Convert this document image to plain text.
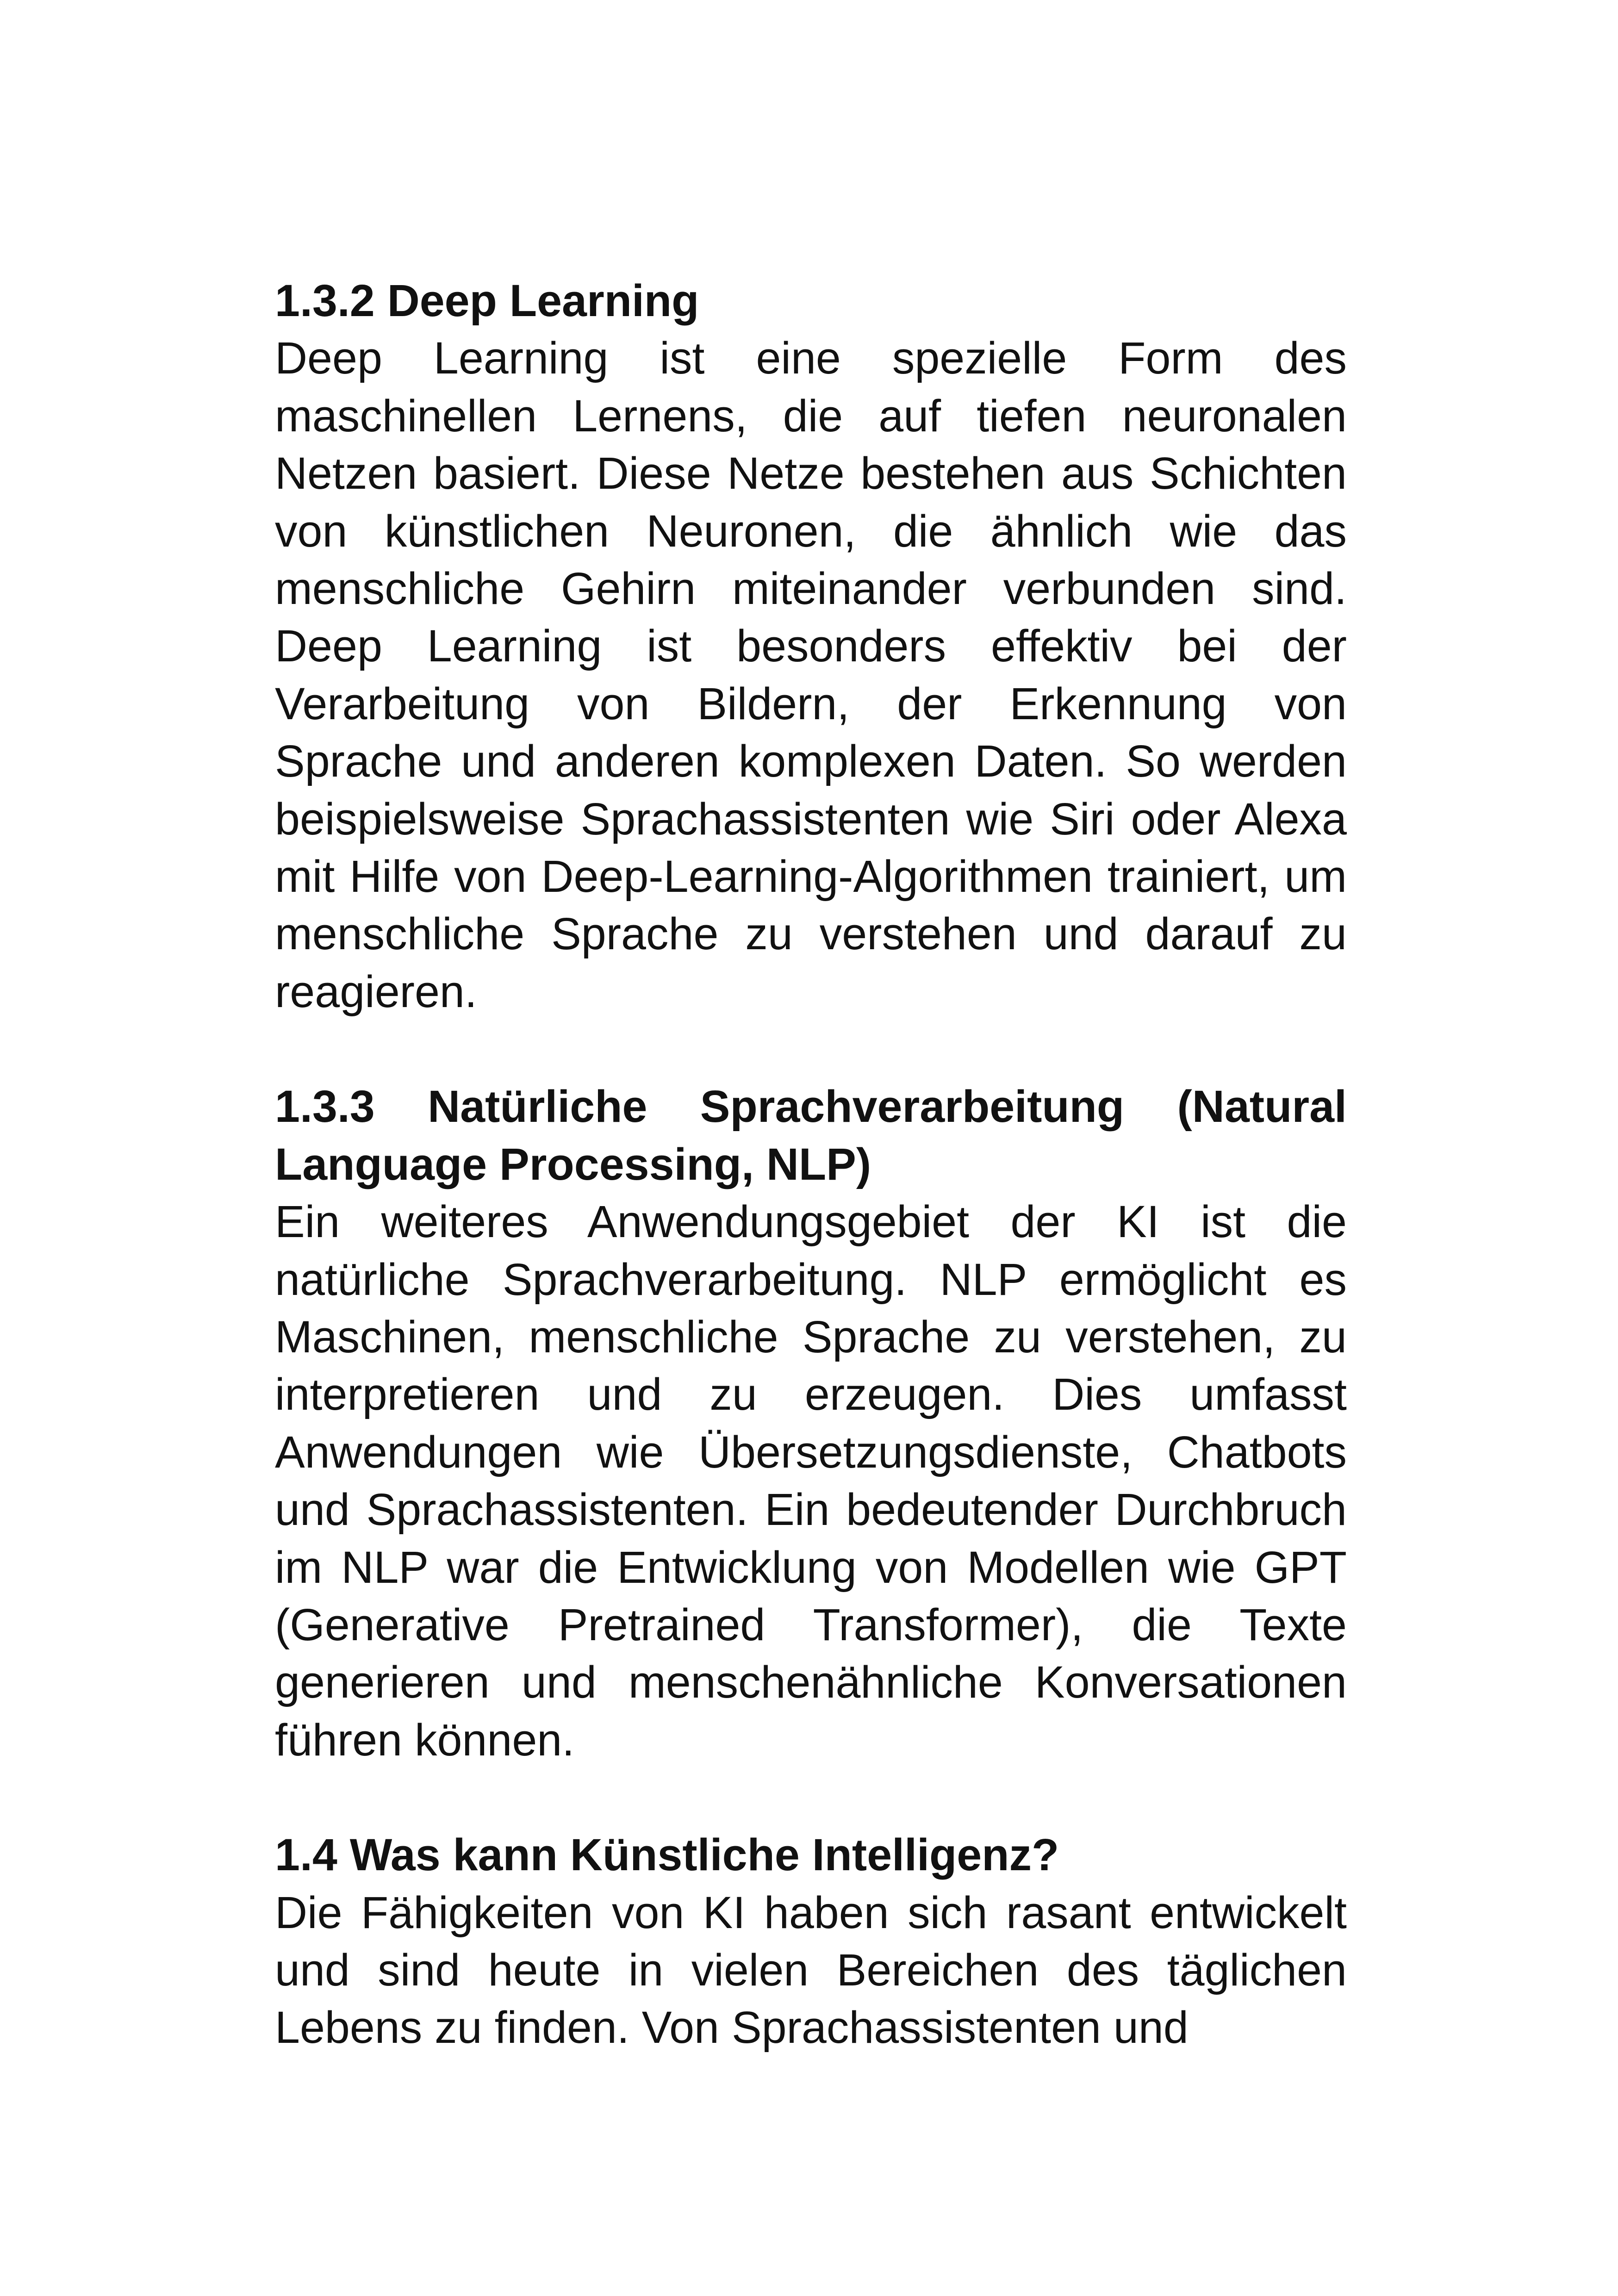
1.3.2 Deep Learning

Deep Learning ist eine spezielle Form des maschinellen Lernens, die auf tiefen neuronalen Netzen basiert. Diese Netze bestehen aus Schichten von künstlichen Neuronen, die ähnlich wie das menschliche Gehirn miteinander verbunden sind. Deep Learning ist besonders effektiv bei der Verarbeitung von Bildern, der Erkennung von Sprache und anderen komplexen Daten. So werden beispielsweise Sprachassistenten wie Siri oder Alexa mit Hilfe von Deep-Learning-Algorithmen trainiert, um menschliche Sprache zu verstehen und darauf zu reagieren.

1.3.3 Natürliche Sprachverarbeitung (Natural Language Processing, NLP)

Ein weiteres Anwendungsgebiet der KI ist die natürliche Sprachverarbeitung. NLP ermöglicht es Maschinen, menschliche Sprache zu verstehen, zu interpretieren und zu erzeugen. Dies umfasst Anwendungen wie Übersetzungsdienste, Chatbots und Sprachassistenten. Ein bedeutender Durchbruch im NLP war die Entwicklung von Modellen wie GPT (Generative Pretrained Transformer), die Texte generieren und menschenähnliche Konversationen führen können.

1.4 Was kann Künstliche Intelligenz?

Die Fähigkeiten von KI haben sich rasant entwickelt und sind heute in vielen Bereichen des täglichen Lebens zu finden. Von Sprachassistenten und
